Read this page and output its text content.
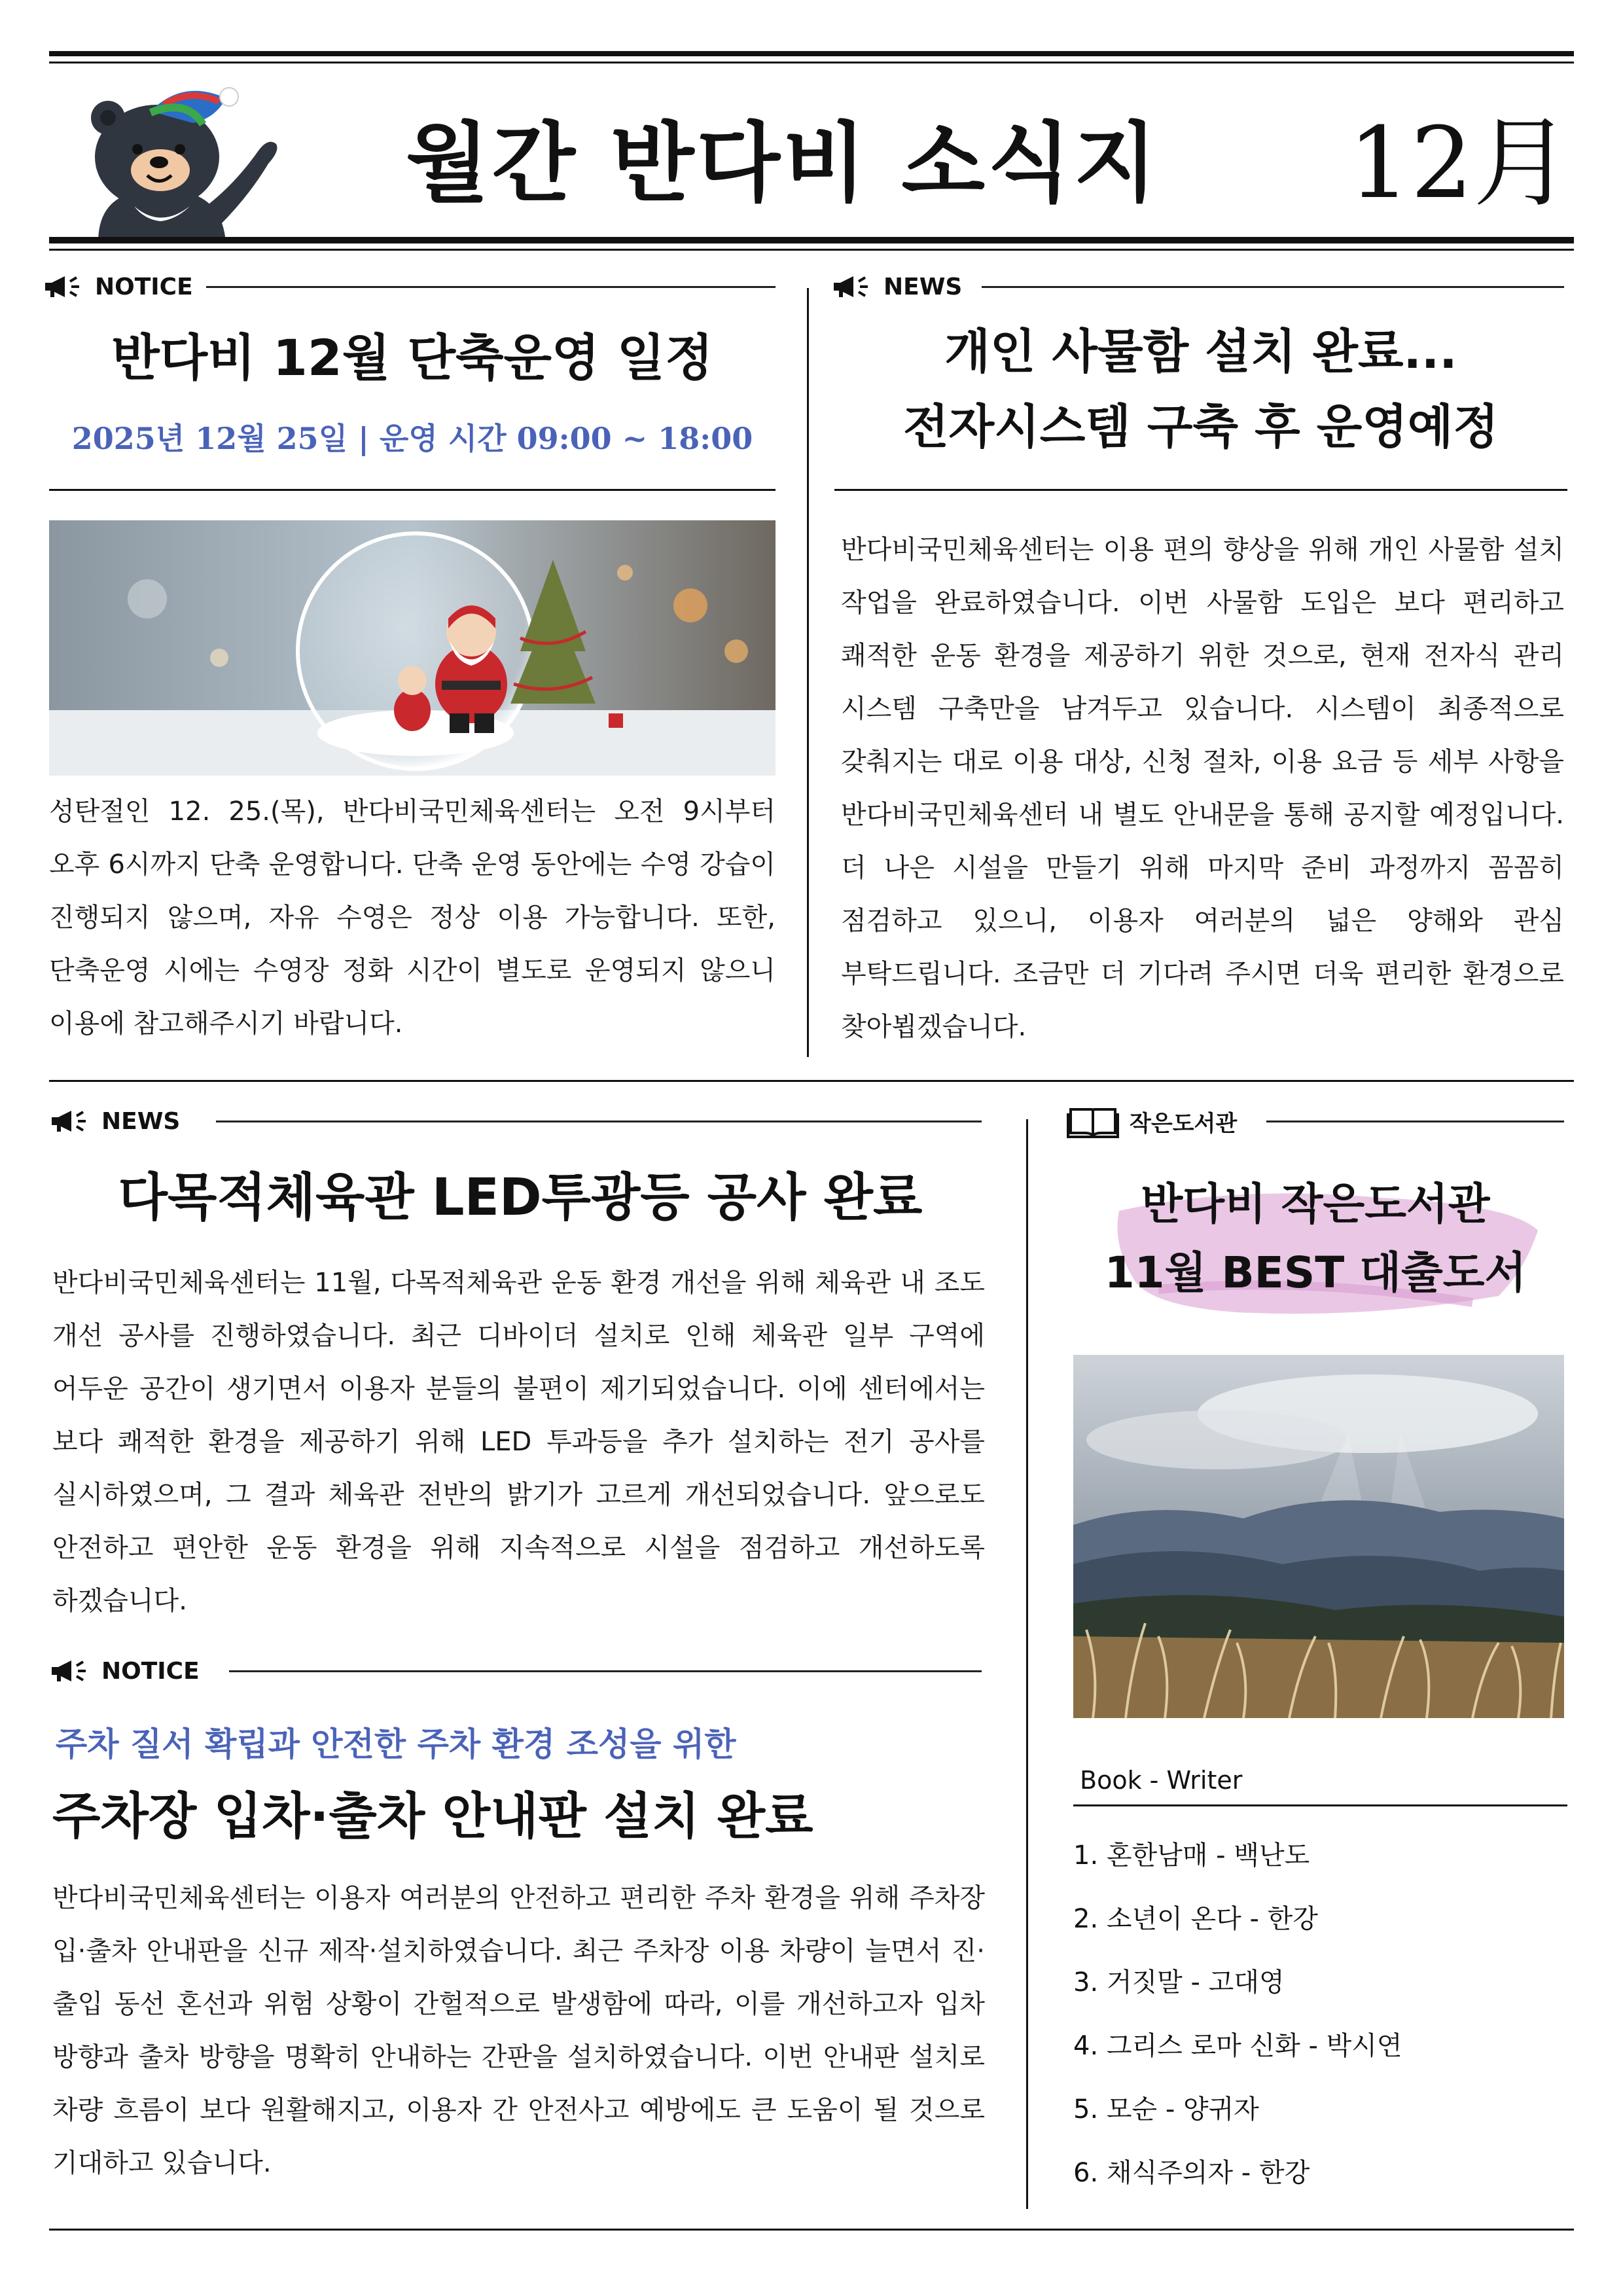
월간 반다비 소식지	12月
NOTICE
반다비 12월 단축운영 일정
2025년 12월 25일 | 운영 시간 09:00 ~ 18:00
성탄절인 12. 25.(목), 반다비국민체육센터는 오전 9시부터 오후 6시까지 단축 운영합니다. 단축 운영 동안에는 수영 강습이 진행되지 않으며, 자유 수영은 정상 이용 가능합니다. 또한, 단축운영 시에는 수영장 정화 시간이 별도로 운영되지 않으니 이용에 참고해주시기 바랍니다.
NEWS
개인 사물함 설치 완료...
전자시스템 구축 후 운영예정
반다비국민체육센터는 이용 편의 향상을 위해 개인 사물함 설치 작업을 완료하였습니다. 이번 사물함 도입은 보다 편리하고 쾌적한 운동 환경을 제공하기 위한 것으로, 현재 전자식 관리 시스템 구축만을 남겨두고 있습니다. 시스템이 최종적으로 갖춰지는 대로 이용 대상, 신청 절차, 이용 요금 등 세부 사항을 반다비국민체육센터 내 별도 안내문을 통해 공지할 예정입니다. 더 나은 시설을 만들기 위해 마지막 준비 과정까지 꼼꼼히 점검하고 있으니, 이용자 여러분의 넓은 양해와 관심 부탁드립니다. 조금만 더 기다려 주시면 더욱 편리한 환경으로 찾아뵙겠습니다.
NEWS
다목적체육관 LED투광등 공사 완료
반다비국민체육센터는 11월, 다목적체육관 운동 환경 개선을 위해 체육관 내 조도 개선 공사를 진행하였습니다. 최근 디바이더 설치로 인해 체육관 일부 구역에 어두운 공간이 생기면서 이용자 분들의 불편이 제기되었습니다. 이에 센터에서는 보다 쾌적한 환경을 제공하기 위해 LED 투과등을 추가 설치하는 전기 공사를 실시하였으며, 그 결과 체육관 전반의 밝기가 고르게 개선되었습니다. 앞으로도 안전하고 편안한 운동 환경을 위해 지속적으로 시설을 점검하고 개선하도록 하겠습니다.
NOTICE
주차 질서 확립과 안전한 주차 환경 조성을 위한
주차장 입차·출차 안내판 설치 완료
반다비국민체육센터는 이용자 여러분의 안전하고 편리한 주차 환경을 위해 주차장 입·출차 안내판을 신규 제작·설치하였습니다. 최근 주차장 이용 차량이 늘면서 진·출입 동선 혼선과 위험 상황이 간헐적으로 발생함에 따라, 이를 개선하고자 입차 방향과 출차 방향을 명확히 안내하는 간판을 설치하였습니다. 이번 안내판 설치로 차량 흐름이 보다 원활해지고, 이용자 간 안전사고 예방에도 큰 도움이 될 것으로 기대하고 있습니다.
작은도서관
반다비 작은도서관
11월 BEST 대출도서
Book - Writer
1. 혼한남매 - 백난도
2. 소년이 온다 - 한강
3. 거짓말 - 고대영
4. 그리스 로마 신화 - 박시연
5. 모순 - 양귀자
6. 채식주의자 - 한강
